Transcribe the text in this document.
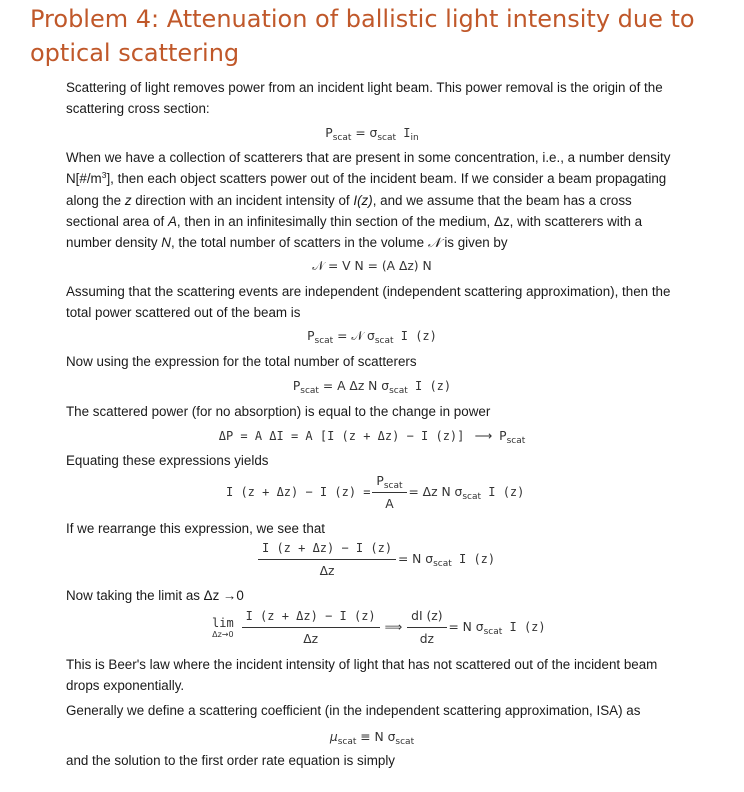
Problem 4: Attenuation of ballistic light intensity due to optical scattering

Scattering of light removes power from an incident light beam. This power removal is the origin of the scattering cross section:

$P_{scat} = \sigma_{scat}$ $I_{in}$

When we have a collection of scatterers that are present in some concentration, i.e., a number density $N[\#/m^3]$, then each object scatters power out of the incident beam. If we consider a beam propagating along the z direction with an incident intensity of I(z), and we assume that the beam has a cross sectional area of A, then in an infinitesimally thin section of the medium, Δz, with scatterers with a number density N, the total number of scatters in the volume 𝒩 is given by

𝒩 = V N = (A Δz) N

Assuming that the scattering events are independent (independent scattering approximation), then the total power scattered out of the beam is

$P_{scat}$ = 𝒩 $\sigma_{scat}$ I (z)

Now using the expression for the total number of scatterers

$P_{scat} = A$ Δz N $\sigma_{scat}$ I (z)

The scattered power (for no absorption) is equal to the change in power

ΔP = A ΔI = A [I (z + Δz) − I (z)] ⟶ $P_{scat}$

Equating these expressions yields

I (z + Δz) − I $(z) = \frac{P_{scat}}{A} = \Delta z$ N $\sigma_{scat}$ I (z)

If we rearrange this expression, we see that

$\frac{I (z + \Delta z) - I (z)}{\Delta z} = N$ $\sigma_{scat}$ I (z)

Now taking the limit as Δz →0

lim
Δz→0
$\frac{I (z + \Delta z) - I (z)}{\Delta z}$ ⟹ $\frac{dI (z)}{dz} = N$ $\sigma_{scat}$ I (z)

This is Beer's law where the incident intensity of light that has not scattered out of the incident beam drops exponentially.

Generally we define a scattering coefficient (in the independent scattering approximation, ISA) as

$\mu_{scat} \equiv N$ $\sigma_{scat}$

and the solution to the first order rate equation is simply
